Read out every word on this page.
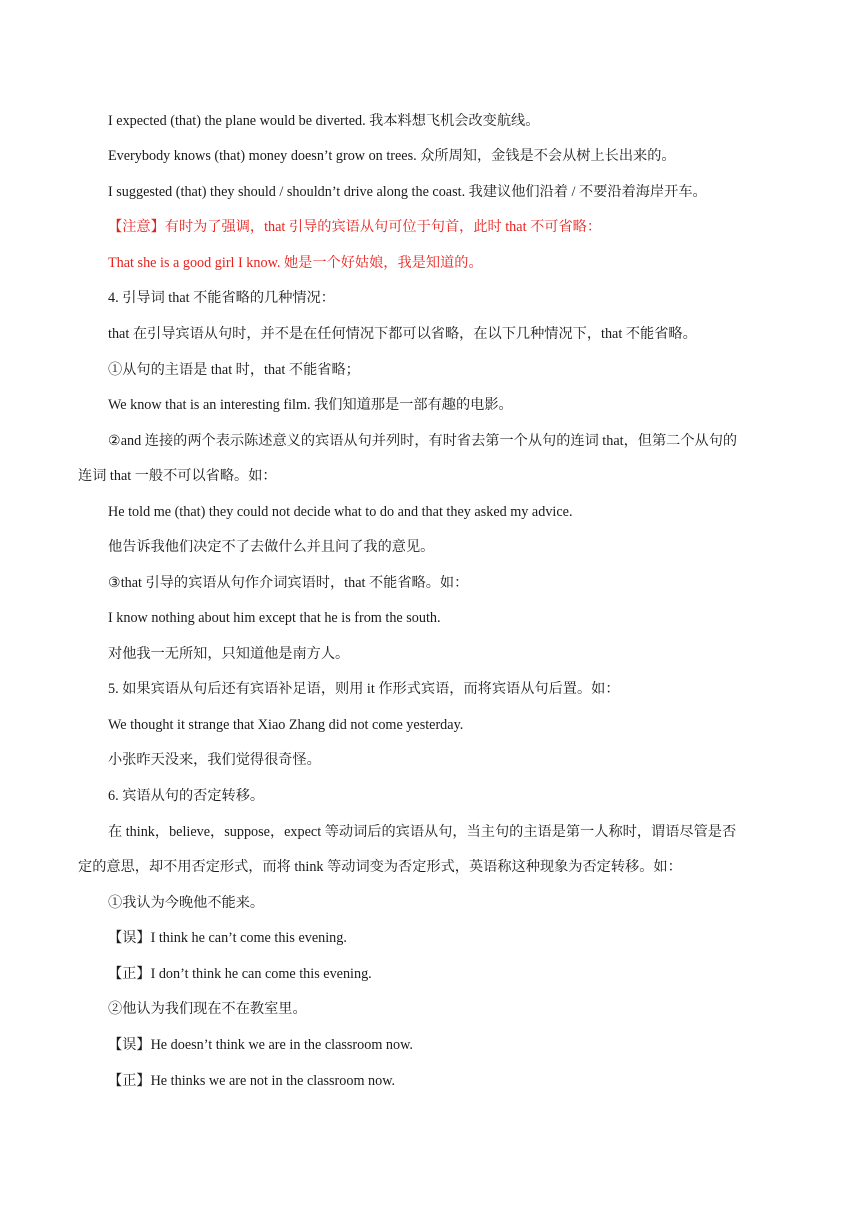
I expected (that) the plane would be diverted. 我本料想飞机会改变航线。
Everybody knows (that) money doesn’t grow on trees. 众所周知，金钱是不会从树上长出来的。
I suggested (that) they should / shouldn’t drive along the coast. 我建议他们沿着 / 不要沿着海岸开车。
【注意】有时为了强调，that 引导的宾语从句可位于句首，此时 that 不可省略：
That she is a good girl I know. 她是一个好姑娘，我是知道的。
4. 引导词 that 不能省略的几种情况：
that 在引导宾语从句时，并不是在任何情况下都可以省略，在以下几种情况下，that 不能省略。
①从句的主语是 that 时，that 不能省略；
We know that is an interesting film. 我们知道那是一部有趣的电影。
②and 连接的两个表示陈述意义的宾语从句并列时，有时省去第一个从句的连词 that，但第二个从句的
连词 that 一般不可以省略。如：
He told me (that) they could not decide what to do and that they asked my advice.
他告诉我他们决定不了去做什么并且问了我的意见。
③that 引导的宾语从句作介词宾语时，that 不能省略。如：
I know nothing about him except that he is from the south.
对他我一无所知，只知道他是南方人。
5. 如果宾语从句后还有宾语补足语，则用 it 作形式宾语，而将宾语从句后置。如：
We thought it strange that Xiao Zhang did not come yesterday.
小张昨天没来，我们觉得很奇怪。
6. 宾语从句的否定转移。
在 think，believe，suppose，expect 等动词后的宾语从句，当主句的主语是第一人称时，谓语尽管是否
定的意思，却不用否定形式，而将 think 等动词变为否定形式，英语称这种现象为否定转移。如：
①我认为今晚他不能来。
【误】I think he can’t come this evening.
【正】I don’t think he can come this evening.
②他认为我们现在不在教室里。
【误】He doesn’t think we are in the classroom now.
【正】He thinks we are not in the classroom now.
